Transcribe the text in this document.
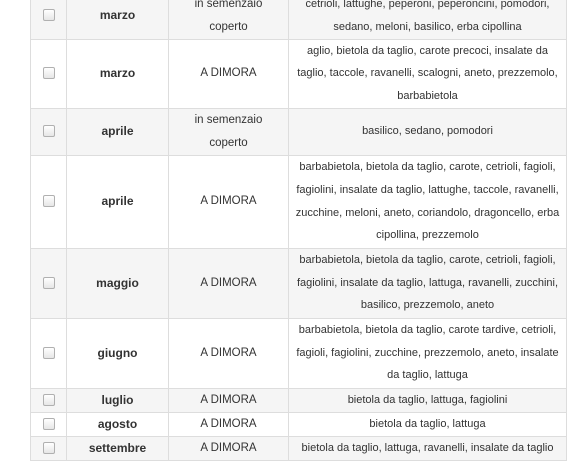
	marzo	in semenzaio coperto	cetrioli, lattughe, peperoni, peperoncini, pomodori, sedano, meloni, basilico, erba cipollina
	marzo	A DIMORA	aglio, bietola da taglio, carote precoci, insalate da taglio, taccole, ravanelli, scalogni, aneto, prezzemolo, barbabietola
	aprile	in semenzaio coperto	basilico, sedano, pomodori
	aprile	A DIMORA	barbabietola, bietola da taglio, carote, cetrioli, fagioli, fagiolini, insalate da taglio, lattughe, taccole, ravanelli, zucchine, meloni, aneto, coriandolo, dragoncello, erba cipollina, prezzemolo
	maggio	A DIMORA	barbabietola, bietola da taglio, carote, cetrioli, fagioli, fagiolini, insalate da taglio, lattuga, ravanelli, zucchini, basilico, prezzemolo, aneto
	giugno	A DIMORA	barbabietola, bietola da taglio, carote tardive, cetrioli, fagioli, fagiolini, zucchine, prezzemolo, aneto, insalate da taglio, lattuga
	luglio	A DIMORA	bietola da taglio, lattuga, fagiolini
	agosto	A DIMORA	bietola da taglio, lattuga
	settembre	A DIMORA	bietola da taglio, lattuga, ravanelli, insalate da taglio
